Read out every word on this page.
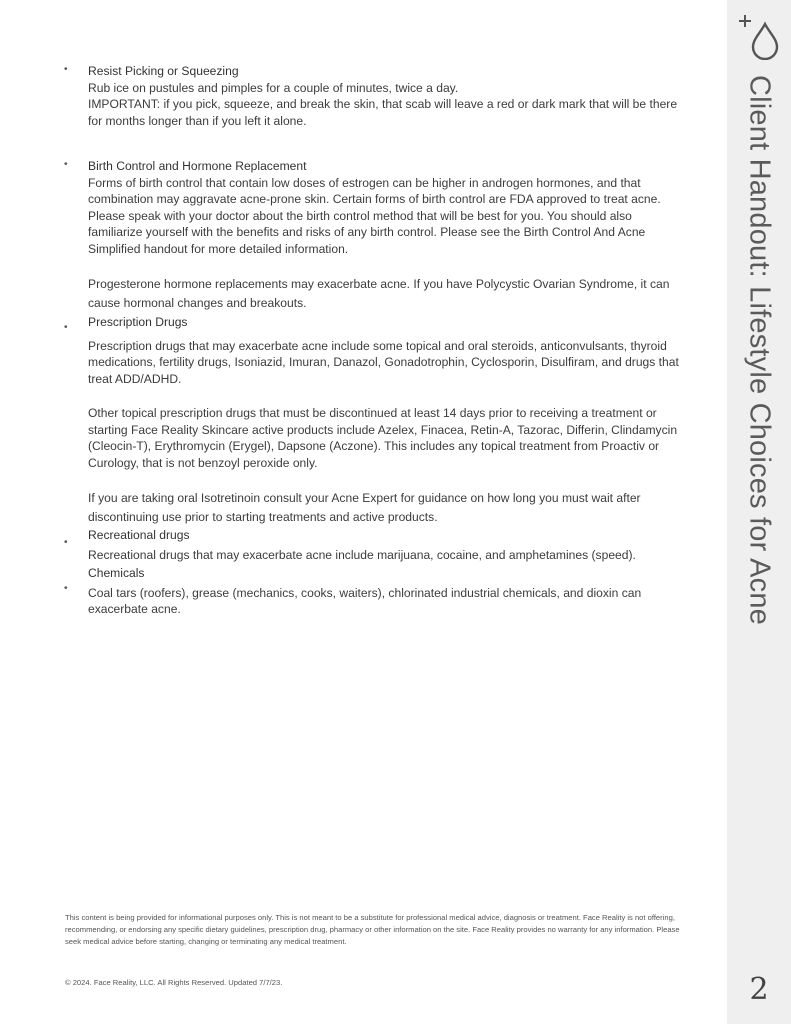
Client Handout: Lifestyle Choices for Acne
2
• Resist Picking or Squeezing

Rub ice on pustules and pimples for a couple of minutes, twice a day.

IMPORTANT: if you pick, squeeze, and break the skin, that scab will leave a red or dark mark that will be there for months longer than if you left it alone.

• Birth Control and Hormone Replacement

Forms of birth control that contain low doses of estrogen can be higher in androgen hormones, and that combination may aggravate acne-prone skin. Certain forms of birth control are FDA approved to treat acne. Please speak with your doctor about the birth control method that will be best for you. You should also familiarize yourself with the benefits and risks of any birth control. Please see the Birth Control And Acne Simplified handout for more detailed information.

Progesterone hormone replacements may exacerbate acne. If you have Polycystic Ovarian Syndrome, it can cause hormonal changes and breakouts.

• Prescription Drugs

Prescription drugs that may exacerbate acne include some topical and oral steroids, anticonvulsants, thyroid medications, fertility drugs, Isoniazid, Imuran, Danazol, Gonadotrophin, Cyclosporin, Disulfiram, and drugs that treat ADD/ADHD.

Other topical prescription drugs that must be discontinued at least 14 days prior to receiving a treatment or starting Face Reality Skincare active products include Azelex, Finacea, Retin-A, Tazorac, Differin, Clindamycin (Cleocin-T), Erythromycin (Erygel), Dapsone (Aczone). This includes any topical treatment from Proactiv or Curology, that is not benzoyl peroxide only.

If you are taking oral Isotretinoin consult your Acne Expert for guidance on how long you must wait after discontinuing use prior to starting treatments and active products.

•
Recreational drugs

Recreational drugs that may exacerbate acne include marijuana, cocaine, and amphetamines (speed).

•
Chemicals

Coal tars (roofers), grease (mechanics, cooks, waiters), chlorinated industrial chemicals, and dioxin can exacerbate acne.

This content is being provided for informational purposes only. This is not meant to be a substitute for professional medical advice, diagnosis or treatment. Face Reality is not offering, recommending, or endorsing any specific dietary guidelines, prescription drug, pharmacy or other information on the site. Face Reality provides no warranty for any information. Please seek medical advice before starting, changing or terminating any medical treatment.
© 2024. Face Reality, LLC. All Rights Reserved. Updated 7/7/23.
